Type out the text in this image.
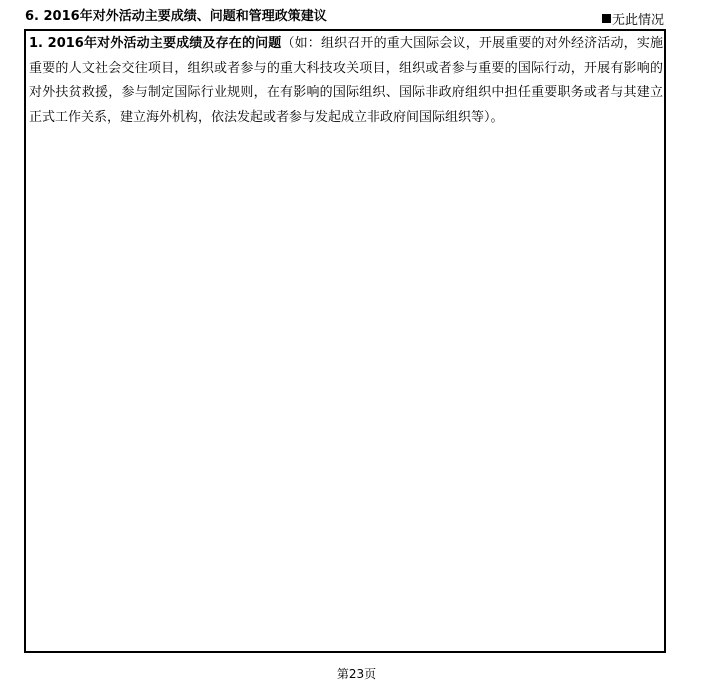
6. 2016年对外活动主要成绩、问题和管理政策建议	无此情况
1. 2016年对外活动主要成绩及存在的问题（如：组织召开的重大国际会议，开展重要的对外经济活动，实施重要的人文社会交往项目，组织或者参与的重大科技攻关项目，组织或者参与重要的国际行动，开展有影响的对外扶贫救援，参与制定国际行业规则，在有影响的国际组织、国际非政府组织中担任重要职务或者与其建立正式工作关系，建立海外机构，依法发起或者参与发起成立非政府间国际组织等）。
第23页
